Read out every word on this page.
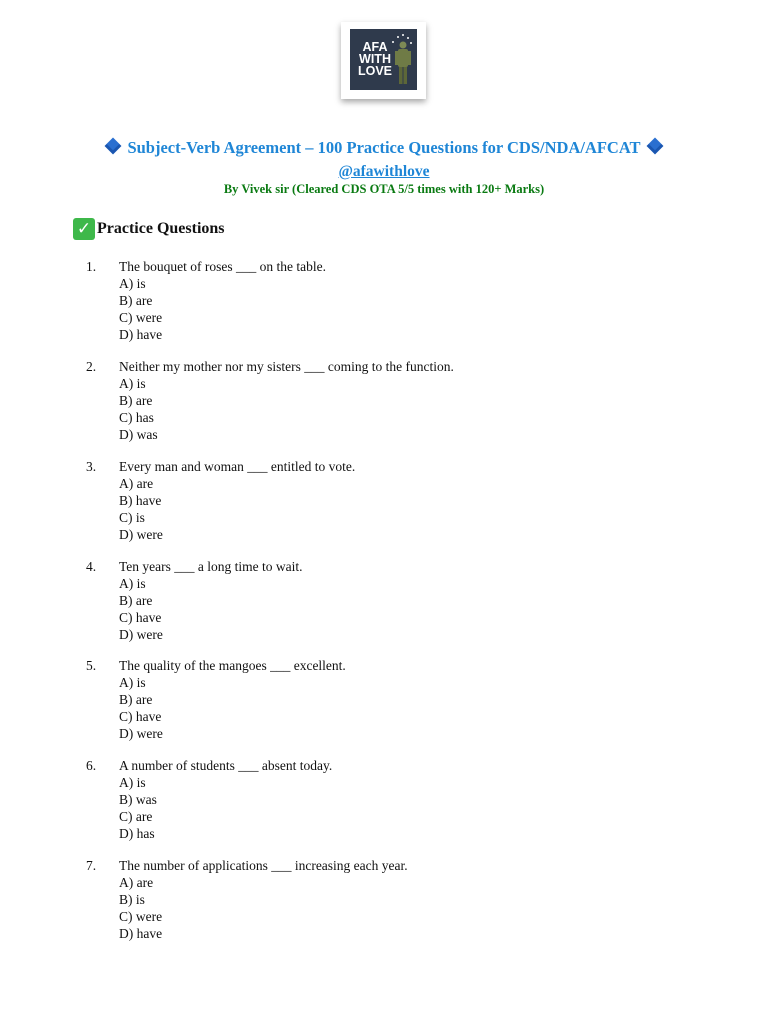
AFA
WITH
LOVE
Subject-Verb Agreement – 100 Practice Questions for CDS/NDA/AFCAT
@afawithlove
By Vivek sir (Cleared CDS OTA 5/5 times with 120+ Marks)
✓ Practice Questions
1. The bouquet of roses ___ on the table.
A) is
B) are
C) were
D) have
2. Neither my mother nor my sisters ___ coming to the function.
A) is
B) are
C) has
D) was
3. Every man and woman ___ entitled to vote.
A) are
B) have
C) is
D) were
4. Ten years ___ a long time to wait.
A) is
B) are
C) have
D) were
5. The quality of the mangoes ___ excellent.
A) is
B) are
C) have
D) were
6. A number of students ___ absent today.
A) is
B) was
C) are
D) has
7. The number of applications ___ increasing each year.
A) are
B) is
C) were
D) have
